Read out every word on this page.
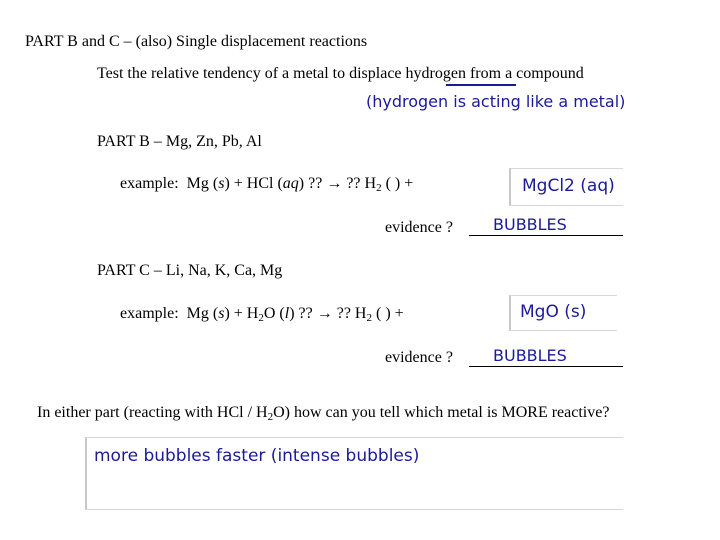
PART B and C – (also) Single displacement reactions
Test the relative tendency of a metal to displace hydrogen from a compound
(hydrogen is acting like a metal)
PART B – Mg, Zn, Pb, Al
example: Mg (s) + HCl (aq) ?? → ?? $H_2$ ( ) +	MgCl2 (aq)
evidence ?	BUBBLES
PART C – Li, Na, K, Ca, Mg
example: Mg $(s) + H_2O$ (l) ?? → ?? $H_2$ ( ) +	MgO (s)
evidence ?	BUBBLES
In either part (reacting with HCl / $H_2O$) how can you tell which metal is MORE reactive?
more bubbles faster (intense bubbles)
